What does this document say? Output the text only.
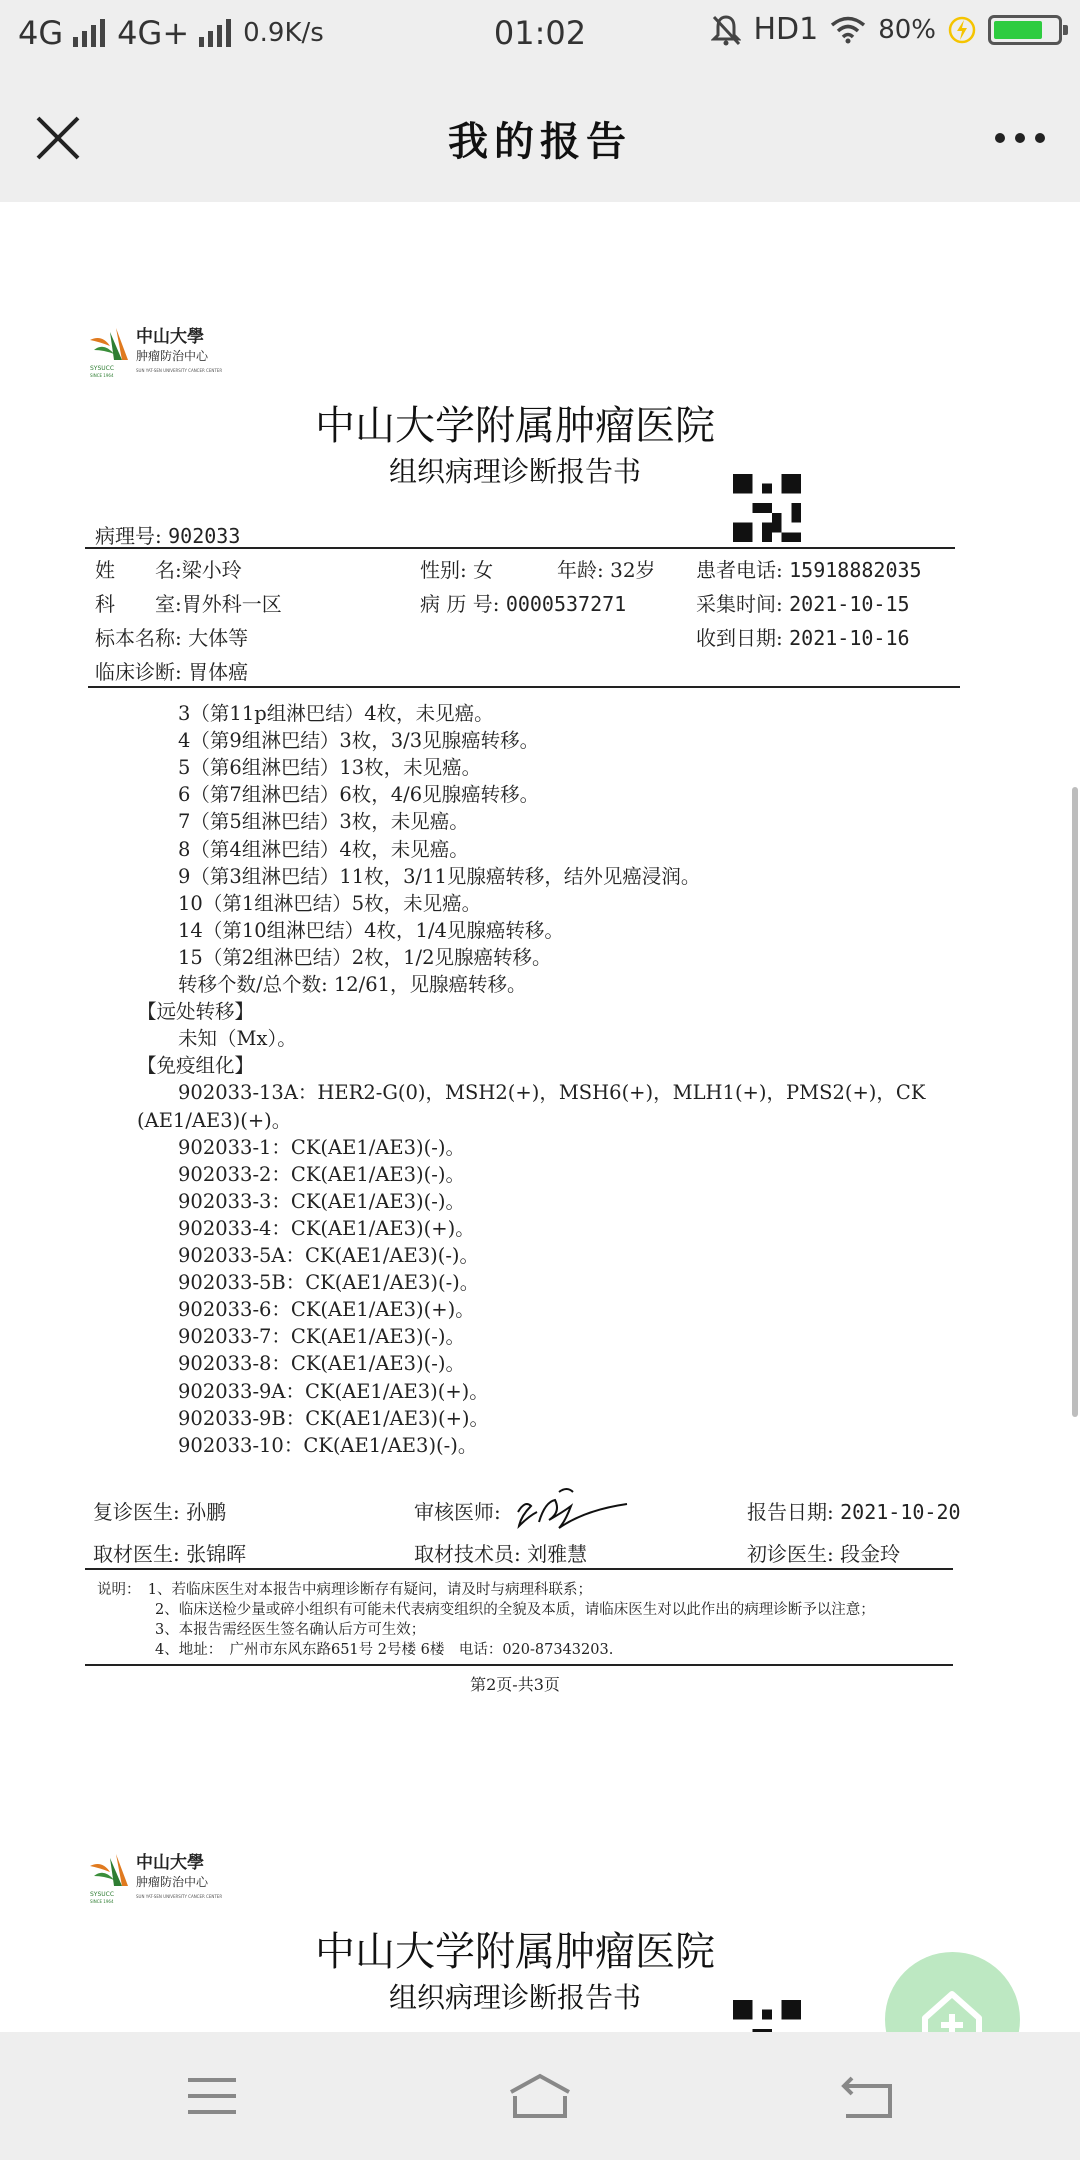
4G 4G+ 0.9K/s	01:02	HD1 80%
我的报告
SYSUCC
SINCE 1964
中山大學
肿瘤防治中心
SUN YAT-SEN UNIVERSITY CANCER CENTER
中山大学附属肿瘤医院
组织病理诊断报告书
病理号: 902033
姓　　名:梁小玲	性别: 女	年龄: 32岁 患者电话: 15918882035
科　　室:胃外科一区	病 历 号: 0000537271	采集时间: 2021-10-15
标本名称: 大体等	收到日期: 2021-10-16
临床诊断: 胃体癌
3（第11p组淋巴结）4枚，未见癌。
4（第9组淋巴结）3枚，3/3见腺癌转移。
5（第6组淋巴结）13枚，未见癌。
6（第7组淋巴结）6枚，4/6见腺癌转移。
7（第5组淋巴结）3枚，未见癌。
8（第4组淋巴结）4枚，未见癌。
9（第3组淋巴结）11枚，3/11见腺癌转移，结外见癌浸润。
10（第1组淋巴结）5枚，未见癌。
14（第10组淋巴结）4枚，1/4见腺癌转移。
15（第2组淋巴结）2枚，1/2见腺癌转移。
转移个数/总个数: 12/61，见腺癌转移。
【远处转移】
未知（Mx）。
【免疫组化】
902033-13A：HER2-G(0)，MSH2(+)，MSH6(+)，MLH1(+)，PMS2(+)，CK
(AE1/AE3)(+)。
902033-1：CK(AE1/AE3)(-)。
902033-2：CK(AE1/AE3)(-)。
902033-3：CK(AE1/AE3)(-)。
902033-4：CK(AE1/AE3)(+)。
902033-5A：CK(AE1/AE3)(-)。
902033-5B：CK(AE1/AE3)(-)。
902033-6：CK(AE1/AE3)(+)。
902033-7：CK(AE1/AE3)(-)。
902033-8：CK(AE1/AE3)(-)。
902033-9A：CK(AE1/AE3)(+)。
902033-9B：CK(AE1/AE3)(+)。
902033-10：CK(AE1/AE3)(-)。
复诊医生: 孙鹏	审核医师:	报告日期: 2021-10-20
取材医生: 张锦晖	取材技术员: 刘雅慧	初诊医生: 段金玲
说明：　1、若临床医生对本报告中病理诊断存有疑问，请及时与病理科联系；
　　　　2、临床送检少量或碎小组织有可能未代表病变组织的全貌及本质，请临床医生对以此作出的病理诊断予以注意；
　　　　3、本报告需经医生签名确认后方可生效；
　　　　4、地址：　广州市东风东路651号 2号楼 6楼　电话：020-87343203.
第2页-共3页
SYSUCC
SINCE 1964
中山大學
肿瘤防治中心
SUN YAT-SEN UNIVERSITY CANCER CENTER
中山大学附属肿瘤医院
组织病理诊断报告书
